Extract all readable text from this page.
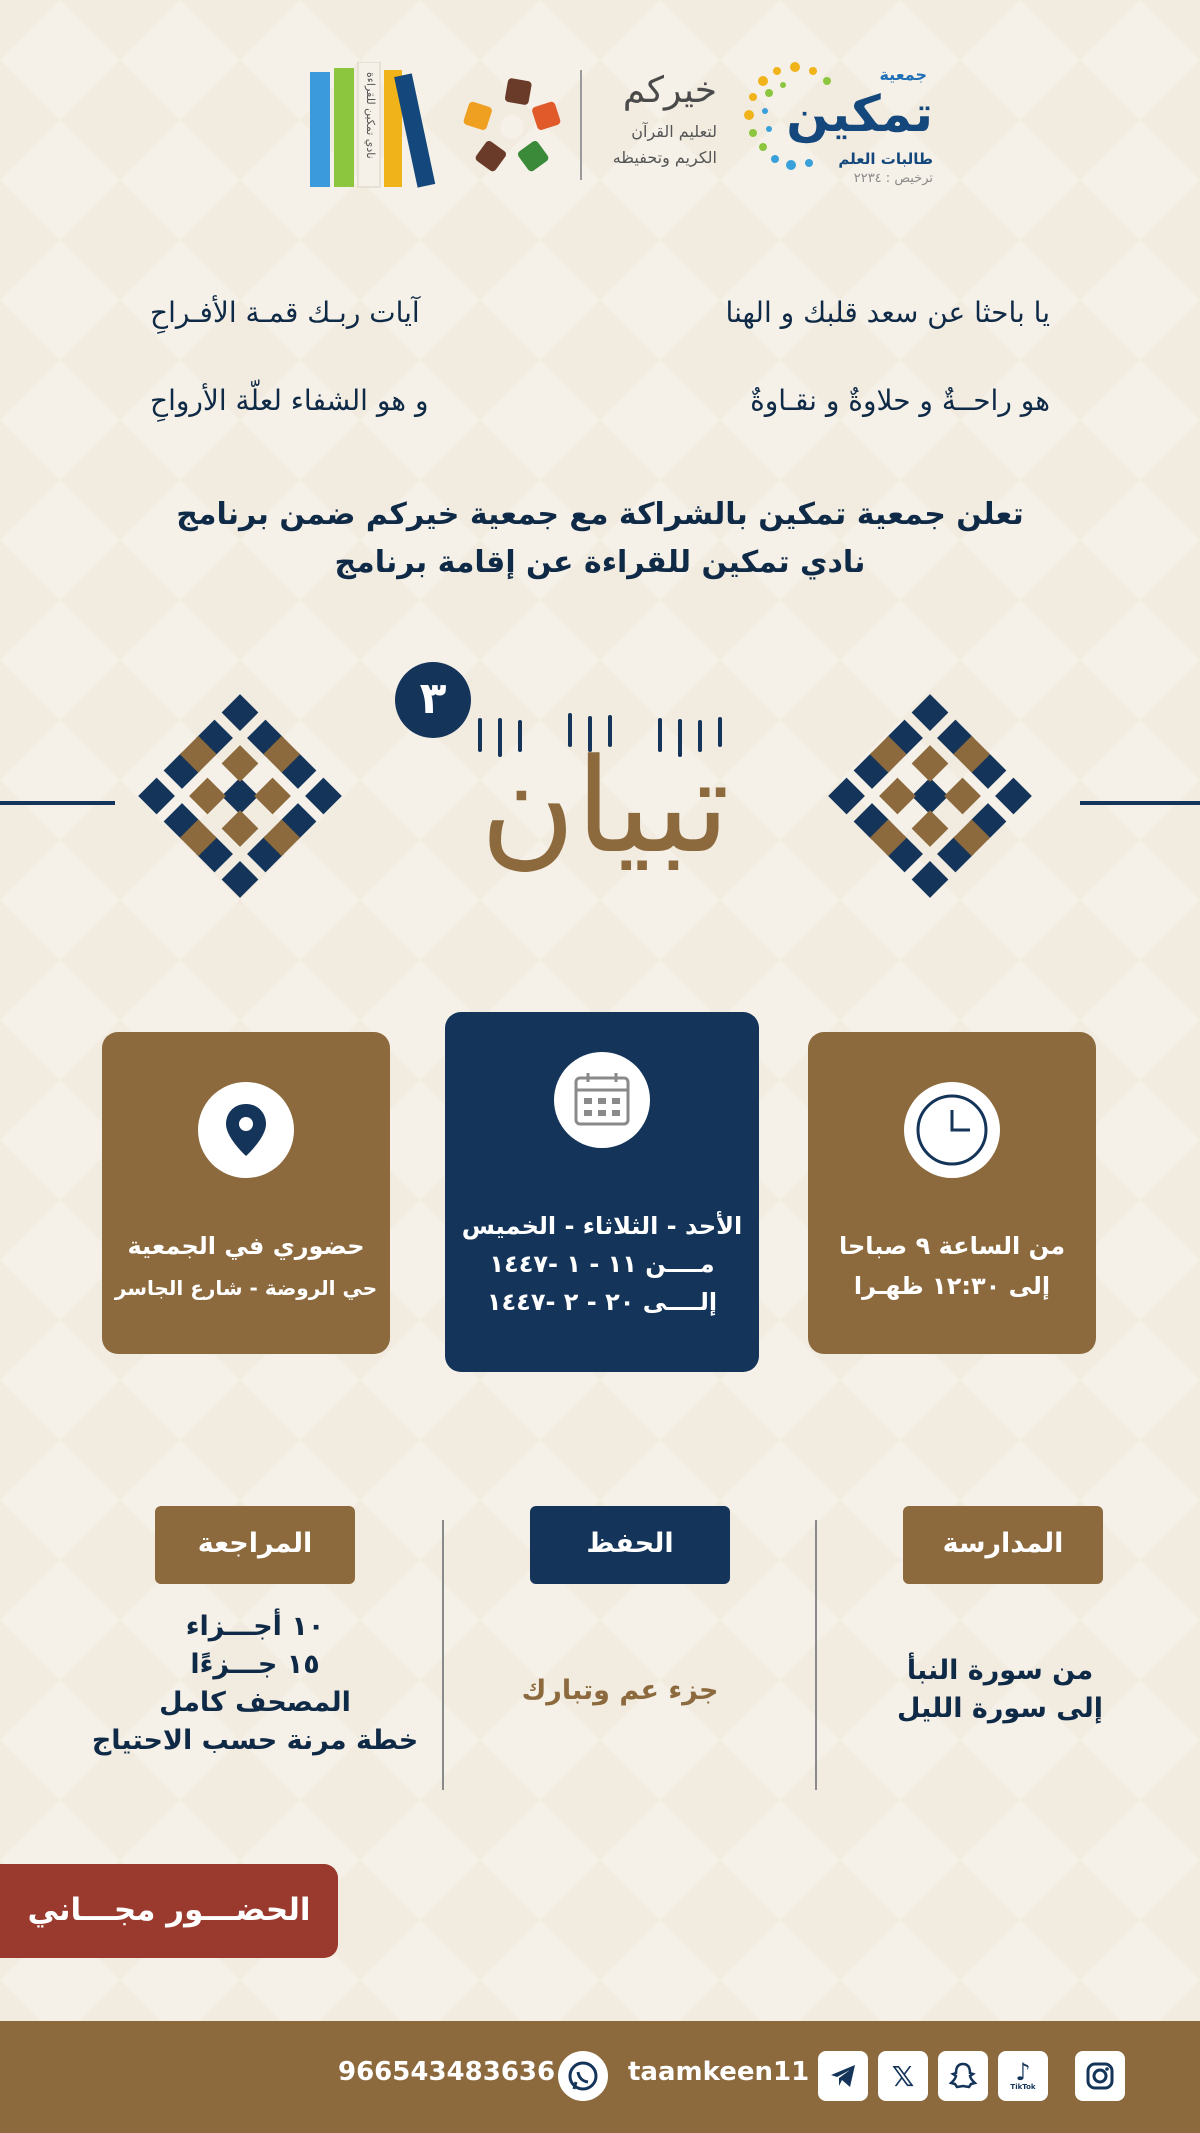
جمعية
تمكين
طالبات العلم
ترخيص : ٢٢٣٤
خيركم
لتعليم القرآن
الكريم وتحفيظه
نادي تمكين للقراءة
يا باحثا عن سعد قلبك و الهنا
آيات ربـك قمـة الأفـراحِ
هو راحــةٌ و حلاوةٌ و نقـاوةٌ
و هو الشفاء لعلّة الأرواحِ
تعلن جمعية تمكين بالشراكة مع جمعية خيركم ضمن برنامج
نادي تمكين للقراءة عن إقامة برنامج
تبيان
٣
من الساعة ٩ صباحا
إلى ١٢:٣٠ ظهـرا
الأحد - الثلاثاء - الخميس
مــــن ١١ - ١ -١٤٤٧
إلــــى ٢٠ - ٢ -١٤٤٧
حضوري في الجمعية
حي الروضة - شارع الجاسر
المدارسة
الحفظ
المراجعة
من سورة النبأ
إلى سورة الليل
جزء عم وتبارك
١٠ أجـــزاء
١٥ جـــزءًا
المصحف كامل
خطة مرنة حسب الاحتياج
الحضـــور مجـــاني
966543483636	taamkeen11	𝕏	♪
TikTok
